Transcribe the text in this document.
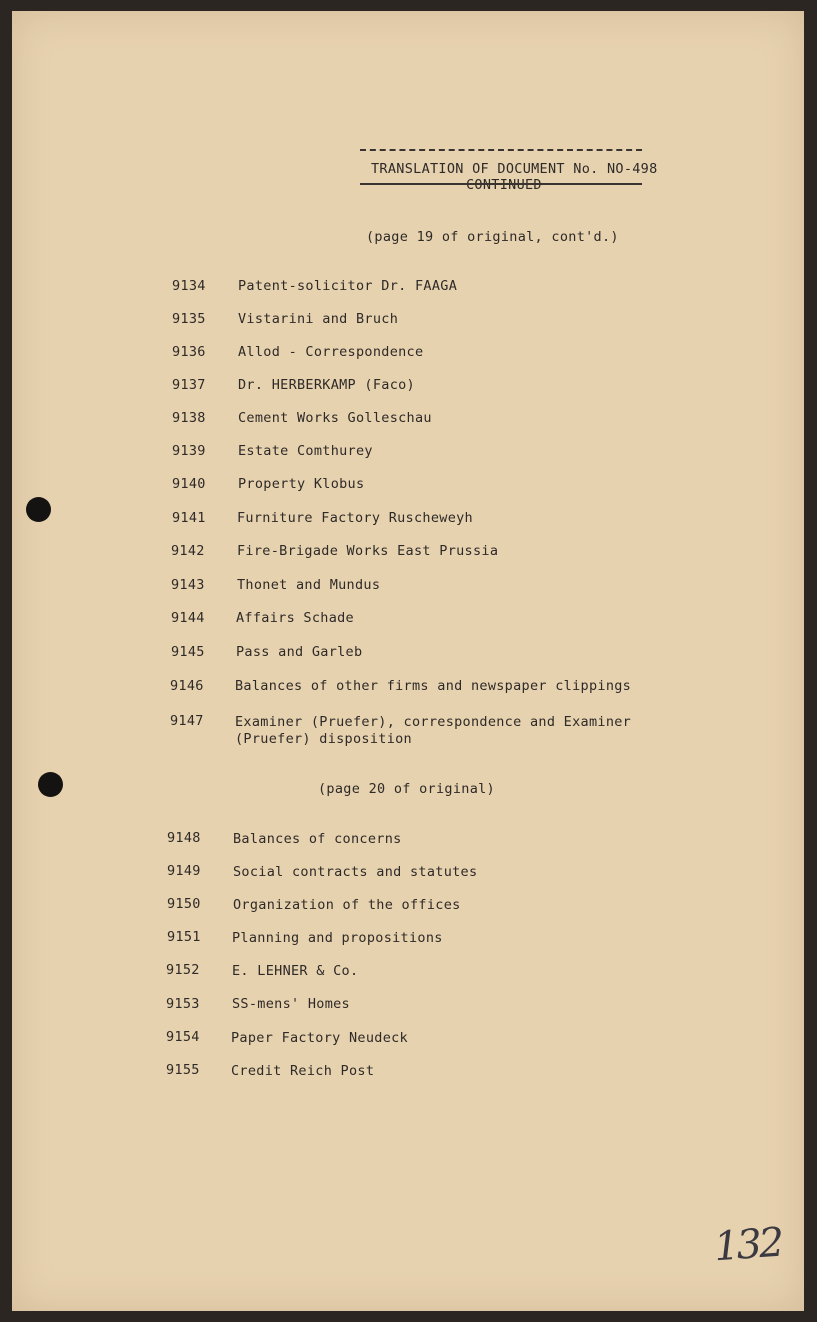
TRANSLATION OF DOCUMENT No. NO-498
CONTINUED
(page 19 of original, cont'd.)
9134 Patent-solicitor Dr. FAAGA
9135 Vistarini and Bruch
9136 Allod - Correspondence
9137 Dr. HERBERKAMP (Faco)
9138 Cement Works Golleschau
9139 Estate Comthurey
9140 Property Klobus
9141 Furniture Factory Ruscheweyh
9142 Fire-Brigade Works East Prussia
9143 Thonet and Mundus
9144 Affairs Schade
9145 Pass and Garleb
9146 Balances of other firms and newspaper clippings
9147 Examiner (Pruefer), correspondence and Examiner
(Pruefer) disposition
(page 20 of original)
9148 Balances of concerns
9149 Social contracts and statutes
9150 Organization of the offices
9151 Planning and propositions
9152 E. LEHNER & Co.
9153 SS-mens' Homes
9154 Paper Factory Neudeck
9155 Credit Reich Post
132
